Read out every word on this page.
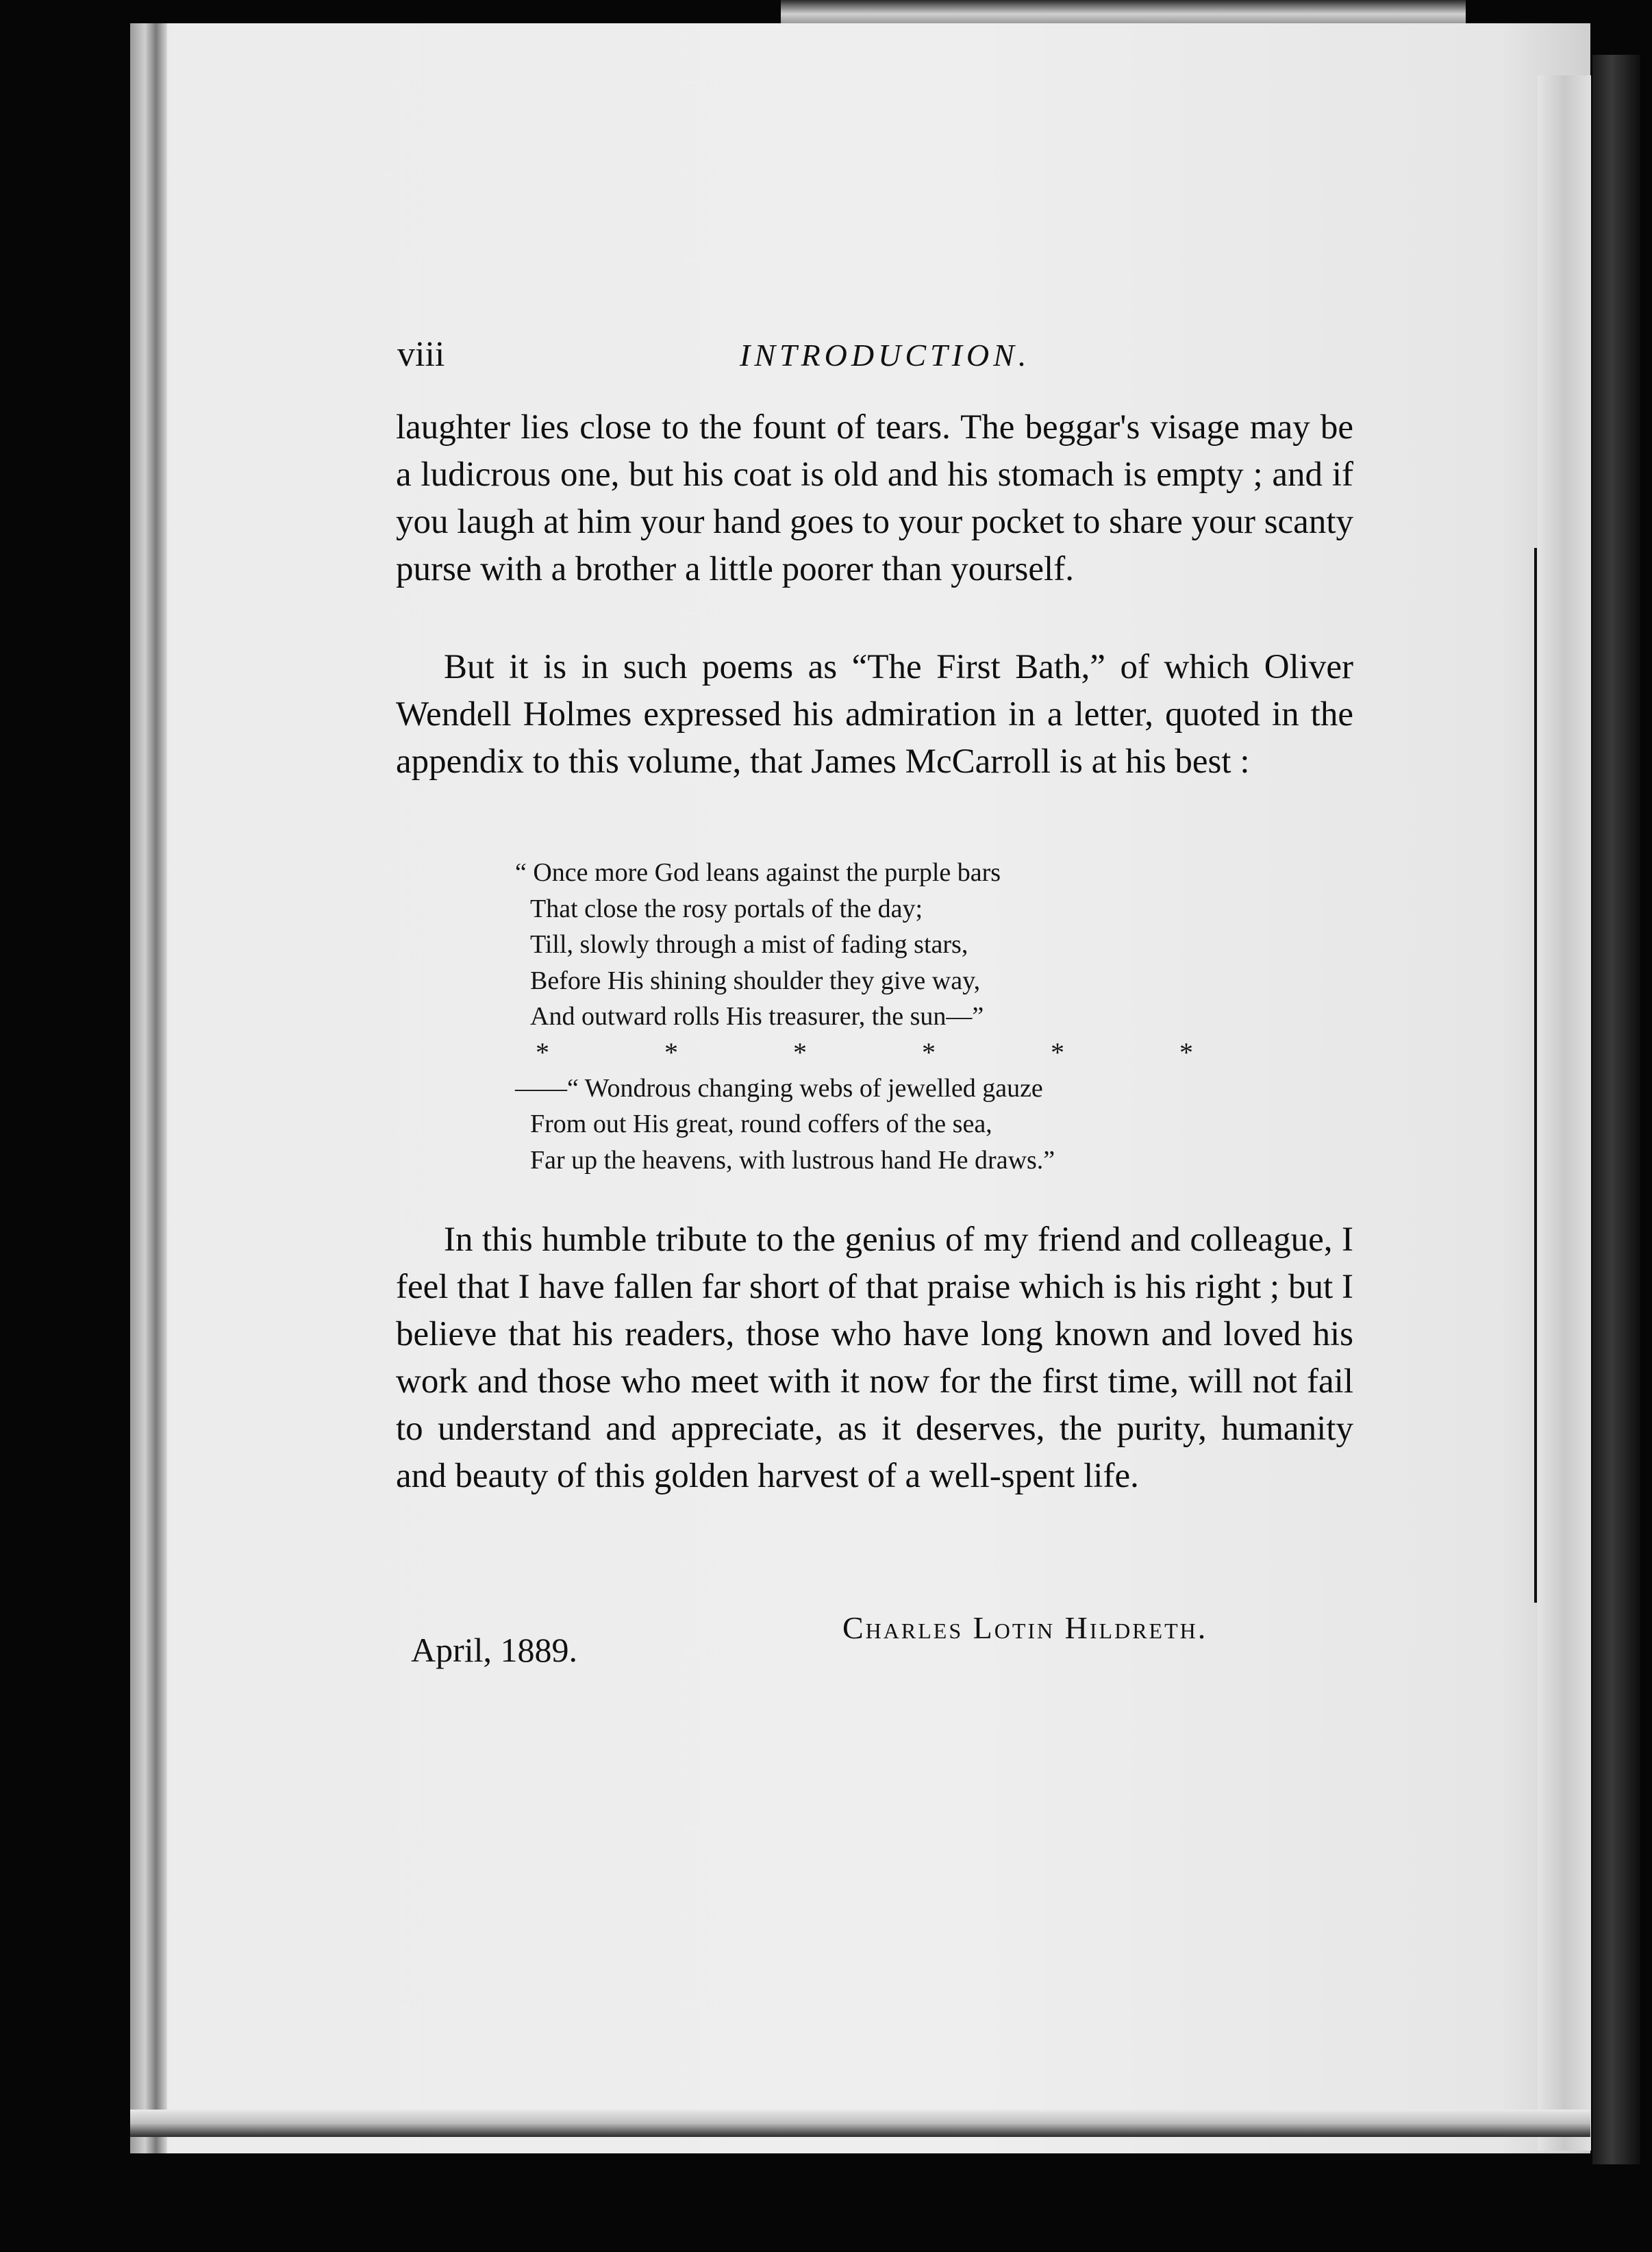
viii	INTRODUCTION.

laughter lies close to the fount of tears. The beggar's visage may be a ludicrous one, but his coat is old and his stomach is empty ; and if you laugh at him your hand goes to your pocket to share your scanty purse with a brother a little poorer than yourself.

But it is in such poems as “The First Bath,” of which Oliver Wendell Holmes expressed his admiration in a letter, quoted in the appendix to this volume, that James McCarroll is at his best :

“ Once more God leans against the purple bars
That close the rosy portals of the day;
Till, slowly through a mist of fading stars,
Before His shining shoulder they give way,
And outward rolls His treasurer, the sun—”
*	*	*	*	*	*
——“ Wondrous changing webs of jewelled gauze
From out His great, round coffers of the sea,
Far up the heavens, with lustrous hand He draws.”

In this humble tribute to the genius of my friend and colleague, I feel that I have fallen far short of that praise which is his right ; but I believe that his readers, those who have long known and loved his work and those who meet with it now for the first time, will not fail to understand and appreciate, as it deserves, the purity, humanity and beauty of this golden harvest of a well-spent life.

April, 1889.
Charles Lotin Hildreth.
